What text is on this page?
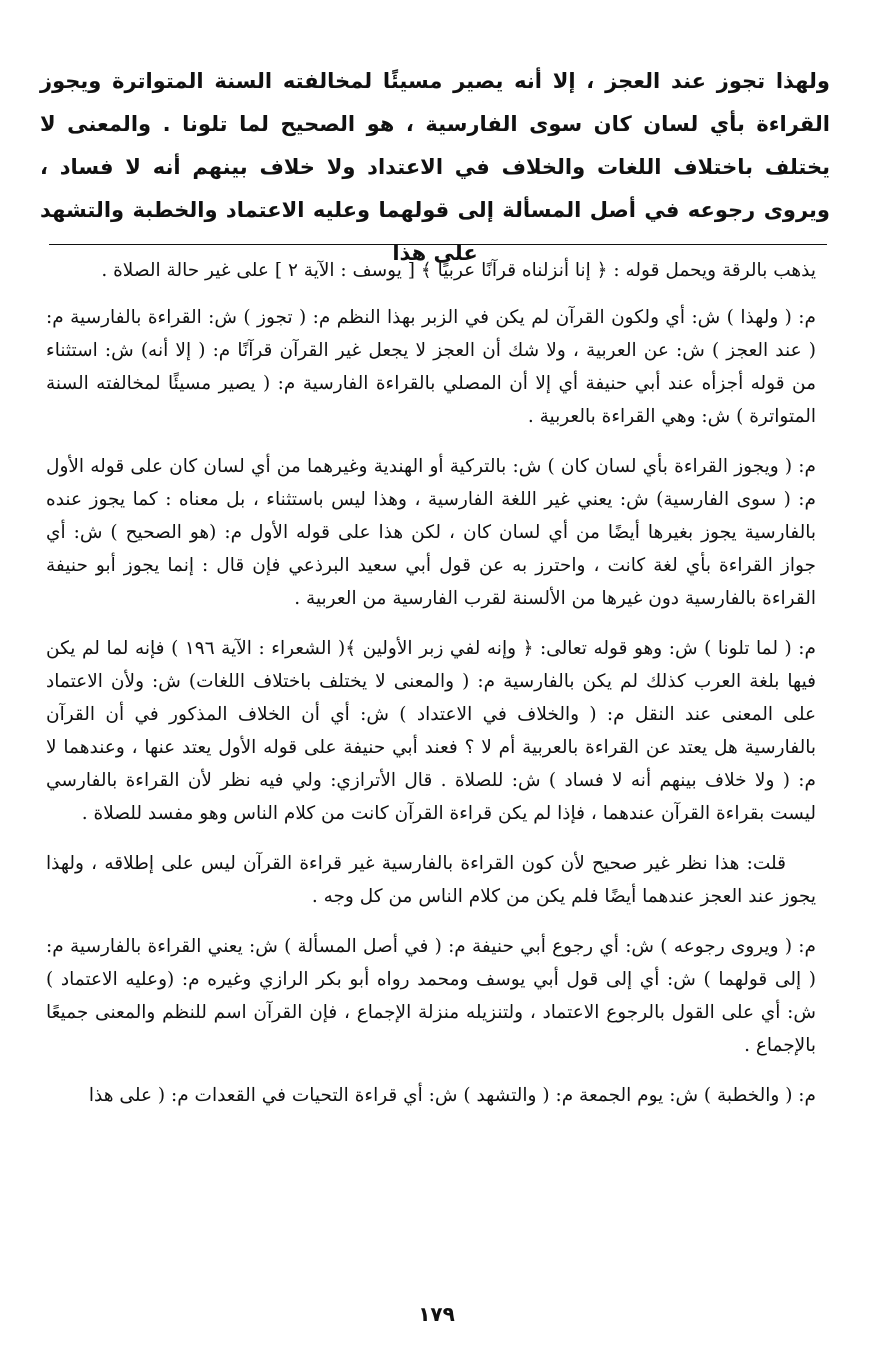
ولهذا تجوز عند العجز ، إلا أنه يصير مسيئًا لمخالفته السنة المتواترة ويجوز القراءة بأي لسان كان سوى الفارسية ، هو الصحيح لما تلونا . والمعنى لا يختلف باختلاف اللغات والخلاف في الاعتداد ولا خلاف بينهم أنه لا فساد ، ويروى رجوعه في أصل المسألة إلى قولهما وعليه الاعتماد والخطبة والتشهد على هذا

يذهب بالرقة ويحمل قوله : ﴿ إنا أنزلناه قرآنًا عربيًا ﴾ [ يوسف : الآية ٢ ] على غير حالة الصلاة .

م: ( ولهذا ) ش: أي ولكون القرآن لم يكن في الزبر بهذا النظم م: ( تجوز ) ش: القراءة بالفارسية م: ( عند العجز ) ش: عن العربية ، ولا شك أن العجز لا يجعل غير القرآن قرآنًا م: ( إلا أنه) ش: استثناء من قوله أجزأه عند أبي حنيفة أي إلا أن المصلي بالقراءة الفارسية م: ( يصير مسيئًا لمخالفته السنة المتواترة ) ش: وهي القراءة بالعربية .

م: ( ويجوز القراءة بأي لسان كان ) ش: بالتركية أو الهندية وغيرهما من أي لسان كان على قوله الأول م: ( سوى الفارسية) ش: يعني غير اللغة الفارسية ، وهذا ليس باستثناء ، بل معناه : كما يجوز عنده بالفارسية يجوز بغيرها أيضًا من أي لسان كان ، لكن هذا على قوله الأول م: (هو الصحيح ) ش: أي جواز القراءة بأي لغة كانت ، واحترز به عن قول أبي سعيد البرذعي فإن قال : إنما يجوز أبو حنيفة القراءة بالفارسية دون غيرها من الألسنة لقرب الفارسية من العربية .

م: ( لما تلونا ) ش: وهو قوله تعالى: ﴿ وإنه لفي زبر الأولين ﴾( الشعراء : الآية ١٩٦ ) فإنه لما لم يكن فيها بلغة العرب كذلك لم يكن بالفارسية م: ( والمعنى لا يختلف باختلاف اللغات) ش: ولأن الاعتماد على المعنى عند النقل م: ( والخلاف في الاعتداد ) ش: أي أن الخلاف المذكور في أن القرآن بالفارسية هل يعتد عن القراءة بالعربية أم لا ؟ فعند أبي حنيفة على قوله الأول يعتد عنها ، وعندهما لا م: ( ولا خلاف بينهم أنه لا فساد ) ش: للصلاة . قال الأترازي: ولي فيه نظر لأن القراءة بالفارسي ليست بقراءة القرآن عندهما ، فإذا لم يكن قراءة القرآن كانت من كلام الناس وهو مفسد للصلاة .

قلت: هذا نظر غير صحيح لأن كون القراءة بالفارسية غير قراءة القرآن ليس على إطلاقه ، ولهذا يجوز عند العجز عندهما أيضًا فلم يكن من كلام الناس من كل وجه .

م: ( ويروى رجوعه ) ش: أي رجوع أبي حنيفة م: ( في أصل المسألة ) ش: يعني القراءة بالفارسية م: ( إلى قولهما ) ش: أي إلى قول أبي يوسف ومحمد رواه أبو بكر الرازي وغيره م: (وعليه الاعتماد ) ش: أي على القول بالرجوع الاعتماد ، ولتنزيله منزلة الإجماع ، فإن القرآن اسم للنظم والمعنى جميعًا بالإجماع .

م: ( والخطبة ) ش: يوم الجمعة م: ( والتشهد ) ش: أي قراءة التحيات في القعدات م: ( على هذا

١٧٩
